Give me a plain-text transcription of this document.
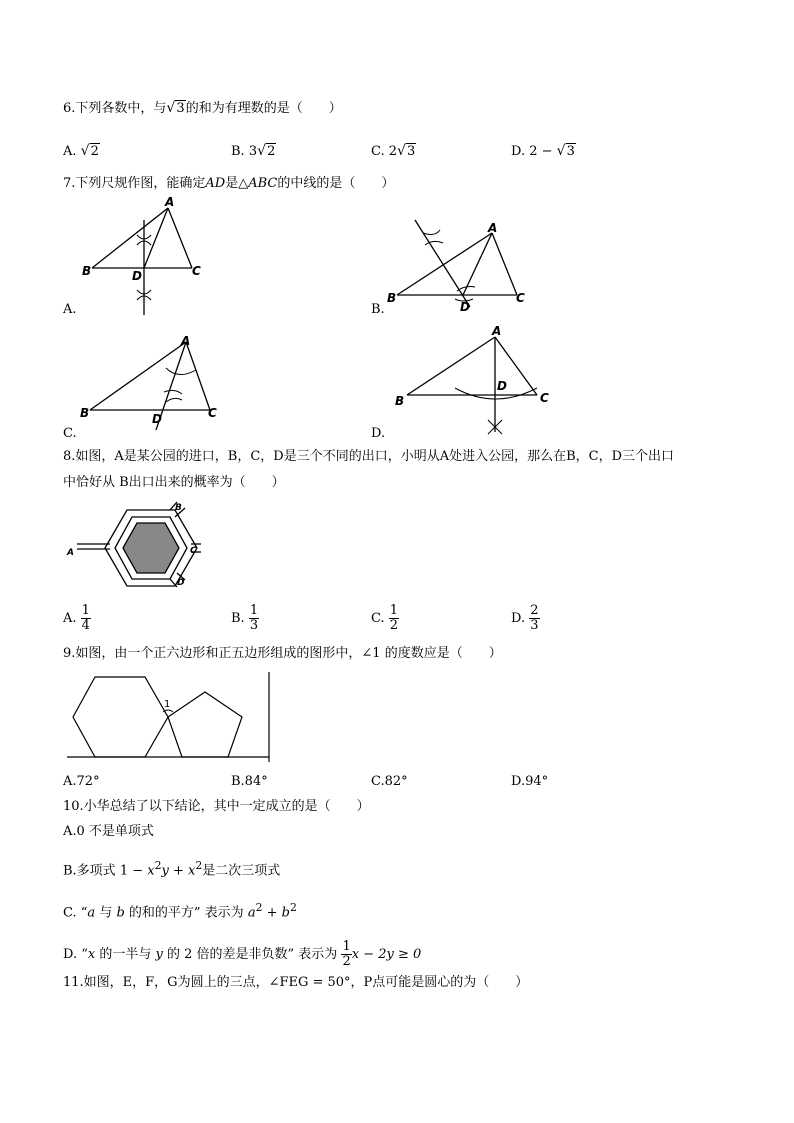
6.下列各数中，与 √ 3的和为有理数的是（　　）
A. √ 2	B. 3 √ 2	C. 2 √ 3	D. 2 − √ 3
7.下列尺规作图，能确定AD是△ABC的中线的是（　　）
A
B	C
D
A.
A
B	C
D
B.
A
B	C
D
C.
A
B	C
D
D.
8.如图，A是某公园的进口，B，C，D是三个不同的出口，小明从A处进入公园，那么在B，C，D三个出口
中恰好从 B出口出来的概率为（　　）
A
B
C
D
A. $\frac{1}{4}$	B. $\frac{1}{3}$	C. $\frac{1}{2}$	D. $\frac{2}{3}$
9.如图，由一个正六边形和正五边形组成的图形中，∠1 的度数应是（　　）
1
A.72°	B.84°	C.82°	D.94°
10.小华总结了以下结论，其中一定成立的是（　　）
A.0 不是单项式
B.多项式 $1 - x^2y + x^2$是二次三项式
C. “a 与 b 的和的平方” 表示为 $a^2 + b^2$
D. “x 的一半与 y 的 2 倍的差是非负数” 表示为 $\frac{1}{2}$ x − 2y ≥ 0
11.如图，E，F，G为圆上的三点，∠FEG = 50°，P点可能是圆心的为（　　）
